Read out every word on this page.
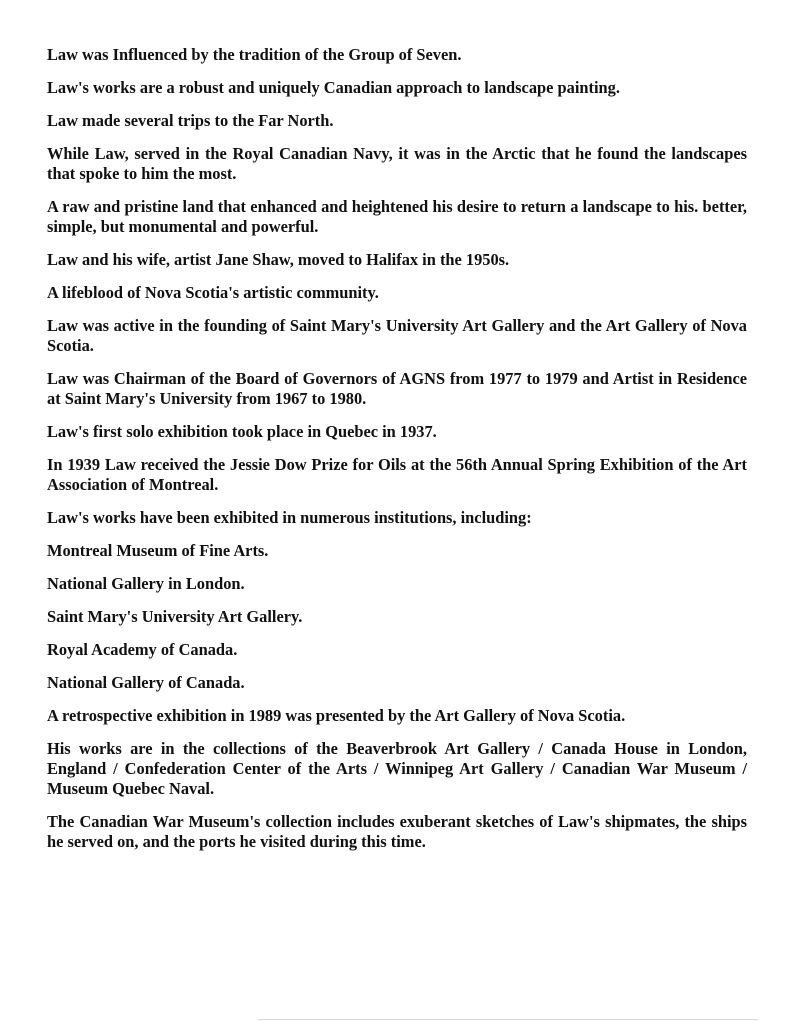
Law was Influenced by the tradition of the Group of Seven.

Law's works are a robust and uniquely Canadian approach to landscape painting.

Law made several trips to the Far North.

While Law, served in the Royal Canadian Navy, it was in the Arctic that he found the landscapes that spoke to him the most.

A raw and pristine land that enhanced and heightened his desire to return a landscape to his. better, simple, but monumental and powerful.

Law and his wife, artist Jane Shaw, moved to Halifax in the 1950s.

A lifeblood of Nova Scotia's artistic community.

Law was active in the founding of Saint Mary's University Art Gallery and the Art Gallery of Nova Scotia.

Law was Chairman of the Board of Governors of AGNS from 1977 to 1979 and Artist in Residence at Saint Mary's University from 1967 to 1980.

Law's first solo exhibition took place in Quebec in 1937.

In 1939 Law received the Jessie Dow Prize for Oils at the 56th Annual Spring Exhibition of the Art Association of Montreal.

Law's works have been exhibited in numerous institutions, including:

Montreal Museum of Fine Arts.

National Gallery in London.

Saint Mary's University Art Gallery.

Royal Academy of Canada.

National Gallery of Canada.

A retrospective exhibition in 1989 was presented by the Art Gallery of Nova Scotia.

His works are in the collections of the Beaverbrook Art Gallery / Canada House in London, England / Confederation Center of the Arts / Winnipeg Art Gallery / Canadian War Museum / Museum Quebec Naval.

The Canadian War Museum's collection includes exuberant sketches of Law's shipmates, the ships he served on, and the ports he visited during this time.
